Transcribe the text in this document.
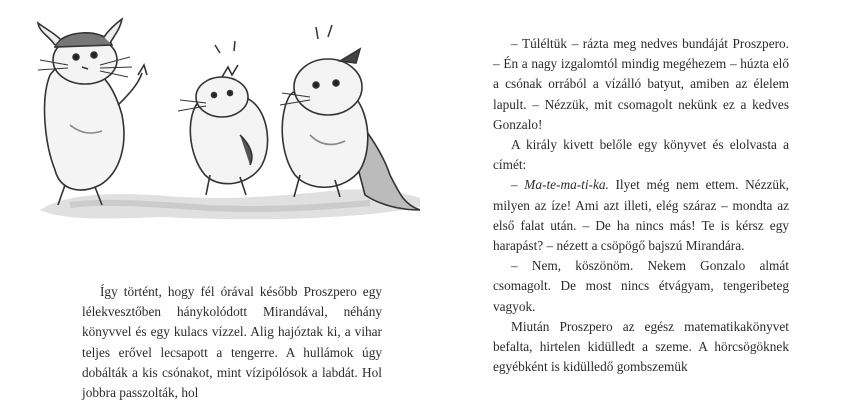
Így történt, hogy fél órával később Proszpero egy lélekvesztőben hánykolódott Mirandával, néhány könyvvel és egy kulacs vízzel. Alig hajóztak ki, a vihar teljes erővel lecsapott a tengerre. A hullámok úgy dobálták a kis csónakot, mint vízipólósok a labdát. Hol jobbra passzolták, hol

– Túléltük – rázta meg nedves bundáját Proszpero. – Én a nagy izgalomtól mindig megéhezem – húzta elő a csónak orrából a vízálló batyut, amiben az élelem lapult. – Nézzük, mit csomagolt nekünk ez a kedves Gonzalo!

A király kivett belőle egy könyvet és elolvasta a címét:

– Ma-te-ma-ti-ka. Ilyet még nem ettem. Nézzük, milyen az íze! Ami azt illeti, elég száraz – mondta az első falat után. – De ha nincs más! Te is kérsz egy harapást? – nézett a csöpögő bajszú Mirandára.

– Nem, köszönöm. Nekem Gonzalo almát csomagolt. De most nincs étvágyam, tengeribeteg vagyok.

Miután Proszpero az egész matematikakönyvet befalta, hirtelen kidülledt a szeme. A hörcsögöknek egyébként is kidülledő gombszemük
